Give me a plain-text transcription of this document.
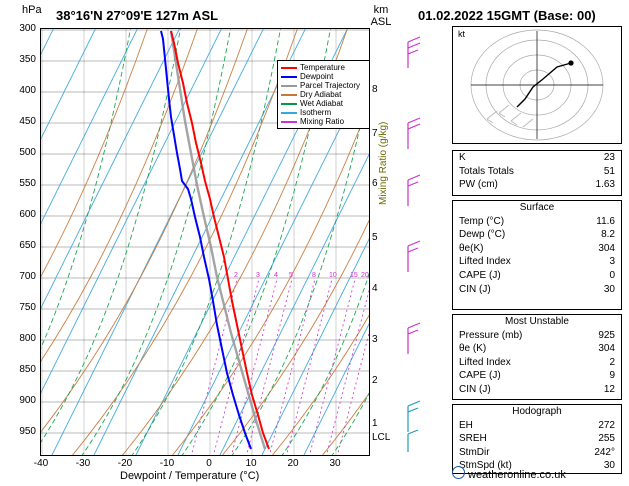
hPa 38°16'N 27°09'E 127m ASL	km
ASL 01.02.2022 15GMT (Base: 00)
2	3 4 5	8 10 15 20
Temperature
Dewpoint
Parcel Trajectory
Dry Adiabat
Wet Adiabat
Isotherm
Mixing Ratio
300
350
400
450
500
550
600
650
700
750
800
850
900
950
-40	-30	-20	-10	0	10	20	30
Dewpoint / Temperature (°C)
Mixing Ratio (g/kg)
8
7
6
5
4
3
2
1
LCL
kt
K	23
Totals Totals	51
PW (cm)	1.63
Surface
Temp (°C)	11.6
Dewp (°C)	8.2
θe(K)	304
Lifted Index	3
CAPE (J)	0
CIN (J)	30
Most Unstable
Pressure (mb)	925
θe (K)	304
Lifted Index	2
CAPE (J)	9
CIN (J)	12
Hodograph
EH	272
SREH	255
StmDir	242°
StmSpd (kt)	30
weatheronline.co.uk
